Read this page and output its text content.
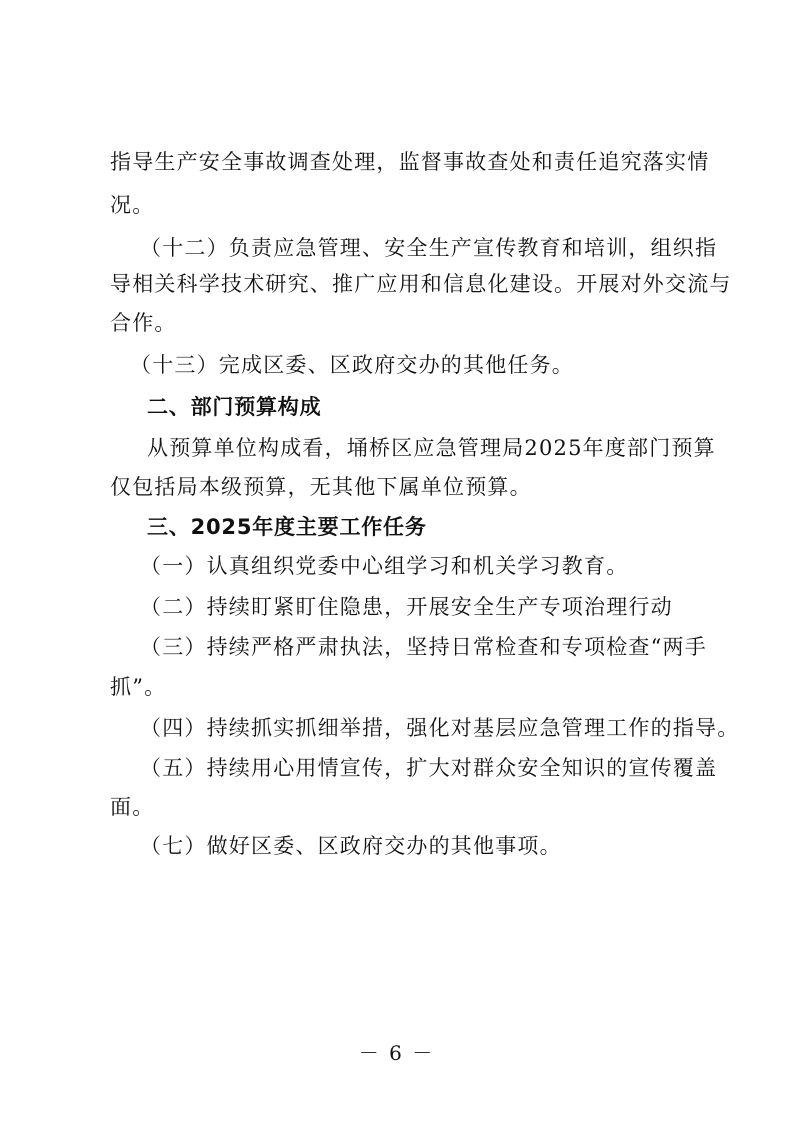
指导生产安全事故调查处理，监督事故查处和责任追究落实情
况。
（十二）负责应急管理、安全生产宣传教育和培训，组织指
导相关科学技术研究、推广应用和信息化建设。开展对外交流与
合作。
（十三）完成区委、区政府交办的其他任务。
二、部门预算构成
从预算单位构成看，埇桥区应急管理局2025年度部门预算
仅包括局本级预算，无其他下属单位预算。
三、2025年度主要工作任务
（一）认真组织党委中心组学习和机关学习教育。
（二）持续盯紧盯住隐患，开展安全生产专项治理行动
（三）持续严格严肃执法，坚持日常检查和专项检查“两手
抓”。
（四）持续抓实抓细举措，强化对基层应急管理工作的指导。
（五）持续用心用情宣传，扩大对群众安全知识的宣传覆盖
面。
（七）做好区委、区政府交办的其他事项。
－ 6 －
